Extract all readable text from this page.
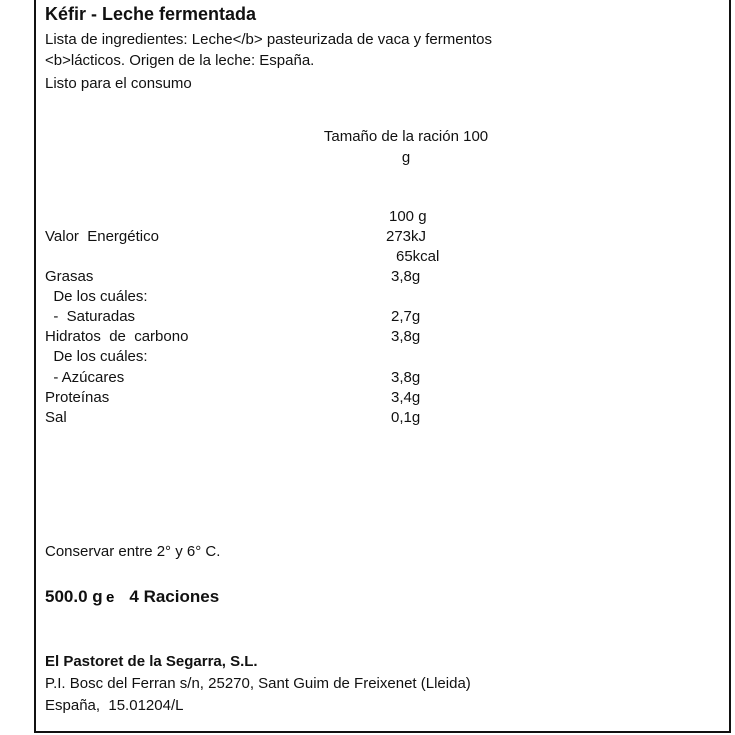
Kéfir - Leche fermentada
Lista de ingredientes: Leche</b> pasteurizada de vaca y fermentos
<b>lácticos. Origen de la leche: España.
Listo para el consumo
Tamaño de la ración 100
g
100 g
Valor  Energético	273kJ
65kcal
Grasas	3,8g
De los cuáles:
-  Saturadas	2,7g
Hidratos  de  carbono	3,8g
De los cuáles:
- Azúcares	3,8g
Proteínas	3,4g
Sal	0,1g
Conservar entre 2° y 6° C.
500.0 g e 4 Raciones
El Pastoret de la Segarra, S.L.
P.I. Bosc del Ferran s/n, 25270, Sant Guim de Freixenet (Lleida)
España,  15.01204/L
